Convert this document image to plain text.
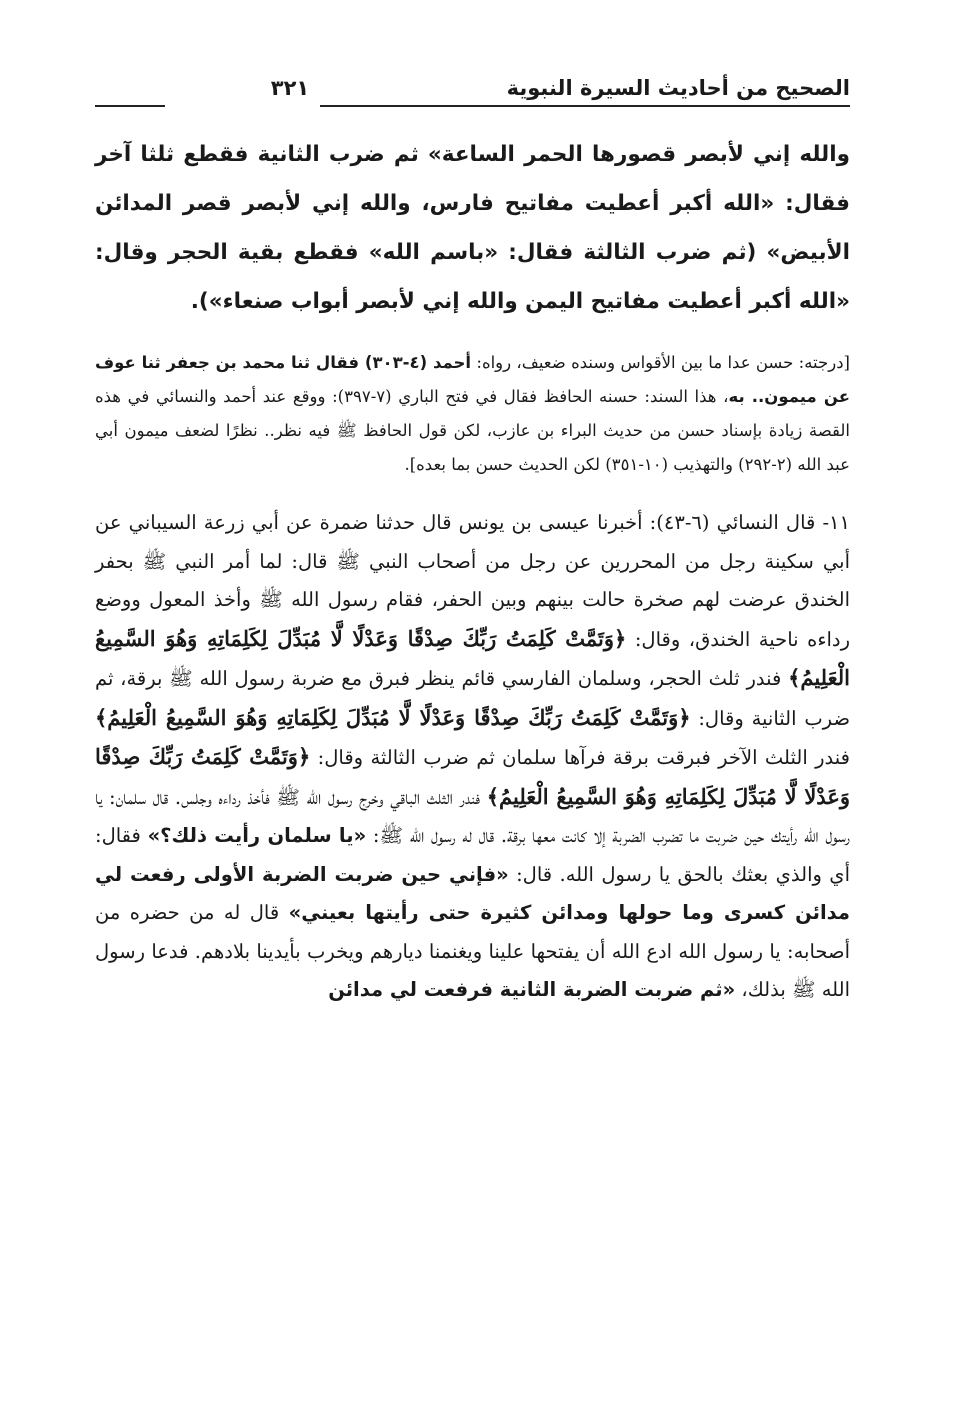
الصحيح من أحاديث السيرة النبوية
٣٢١

والله إني لأبصر قصورها الحمر الساعة» ثم ضرب الثانية فقطع ثلثا آخر فقال: «الله أكبر أعطيت مفاتيح فارس، والله إني لأبصر قصر المدائن الأبيض» (ثم ضرب الثالثة فقال: «باسم الله» فقطع بقية الحجر وقال: «الله أكبر أعطيت مفاتيح اليمن والله إني لأبصر أبواب صنعاء»).

[درجته: حسن عدا ما بين الأقواس وسنده ضعيف، رواه: أحمد (٤-٣٠٣) فقال ثنا محمد بن جعفر ثنا عوف عن ميمون.. به، هذا السند: حسنه الحافظ فقال في فتح الباري (٧-٣٩٧): ووقع عند أحمد والنسائي في هذه القصة زيادة بإسناد حسن من حديث البراء بن عازب، لكن قول الحافظ ﷺ فيه نظر.. نظرًا لضعف ميمون أبي عبد الله (٢-٢٩٢) والتهذيب (١٠-٣٥١) لكن الحديث حسن بما بعده].

١١- قال النسائي (٦-٤٣): أخبرنا عيسى بن يونس قال حدثنا ضمرة عن أبي زرعة السيباني عن أبي سكينة رجل من المحررين عن رجل من أصحاب النبي ﷺ قال: لما أمر النبي ﷺ بحفر الخندق عرضت لهم صخرة حالت بينهم وبين الحفر، فقام رسول الله ﷺ وأخذ المعول ووضع رداءه ناحية الخندق، وقال: ﴿وَتَمَّتْ كَلِمَتُ رَبِّكَ صِدْقًا وَعَدْلًا لَّا مُبَدِّلَ لِكَلِمَاتِهِ وَهُوَ السَّمِيعُ الْعَلِيمُ﴾ فندر ثلث الحجر، وسلمان الفارسي قائم ينظر فبرق مع ضربة رسول الله ﷺ برقة، ثم ضرب الثانية وقال: ﴿وَتَمَّتْ كَلِمَتُ رَبِّكَ صِدْقًا وَعَدْلًا لَّا مُبَدِّلَ لِكَلِمَاتِهِ وَهُوَ السَّمِيعُ الْعَلِيمُ﴾ فندر الثلث الآخر فبرقت برقة فرآها سلمان ثم ضرب الثالثة وقال: ﴿وَتَمَّتْ كَلِمَتُ رَبِّكَ صِدْقًا وَعَدْلًا لَّا مُبَدِّلَ لِكَلِمَاتِهِ وَهُوَ السَّمِيعُ الْعَلِيمُ﴾ فندر الثلث الباقي وخرج رسول الله ﷺ فأخذ رداءه وجلس. قال سلمان: يا رسول الله رأيتك حين ضربت ما تضرب الضربة إلا كانت معها برقة. قال له رسول الله ﷺ: «يا سلمان رأيت ذلك؟» فقال: أي والذي بعثك بالحق يا رسول الله. قال: «فإني حين ضربت الضربة الأولى رفعت لي مدائن كسرى وما حولها ومدائن كثيرة حتى رأيتها بعيني» قال له من حضره من أصحابه: يا رسول الله ادع الله أن يفتحها علينا ويغنمنا ديارهم ويخرب بأيدينا بلادهم. فدعا رسول الله ﷺ بذلك، «ثم ضربت الضربة الثانية فرفعت لي مدائن
